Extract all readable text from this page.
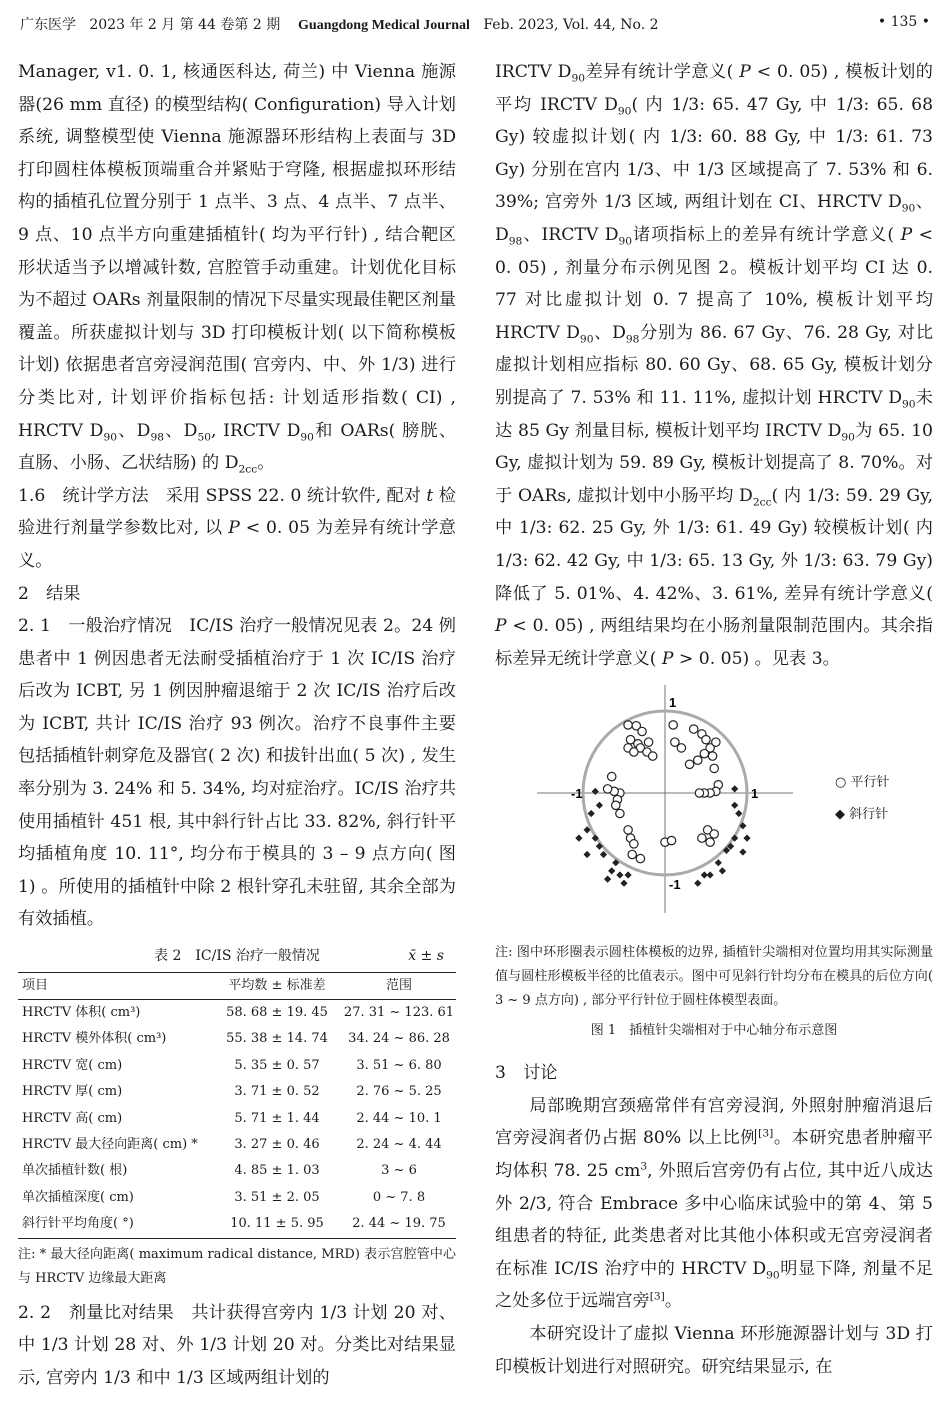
广东医学 2023 年 2 月 第 44 卷第 2 期 Guangdong Medical Journal Feb. 2023, Vol. 44, No. 2	• 135 •

Manager, v1. 0. 1, 核通医科达, 荷兰) 中 Vienna 施源器(26 mm 直径) 的模型结构( Configuration) 导入计划系统, 调整模型使 Vienna 施源器环形结构上表面与 3D 打印圆柱体模板顶端重合并紧贴于穹隆, 根据虚拟环形结构的插植孔位置分别于 1 点半、3 点、4 点半、7 点半、9 点、10 点半方向重建插植针( 均为平行针) , 结合靶区形状适当予以增减针数, 宫腔管手动重建。计划优化目标为不超过 OARs 剂量限制的情况下尽量实现最佳靶区剂量覆盖。所获虚拟计划与 3D 打印模板计划( 以下简称模板计划) 依据患者宫旁浸润范围( 宫旁内、中、外 1/3) 进行分类比对, 计划评价指标包括: 计划适形指数( CI) , HRCTV $D_{90}$、$D_{98}$、$D_{50}$, IRCTV $D_{90}$和 OARs( 膀胱、直肠、小肠、乙状结肠) 的 $D_{2cc}$。

1.6　统计学方法　采用 SPSS 22. 0 统计软件, 配对 t 检验进行剂量学参数比对, 以 P < 0. 05 为差异有统计学意义。

2　结果

2. 1　一般治疗情况　IC/IS 治疗一般情况见表 2。24 例患者中 1 例因患者无法耐受插植治疗于 1 次 IC/IS 治疗后改为 ICBT, 另 1 例因肿瘤退缩于 2 次 IC/IS 治疗后改为 ICBT, 共计 IC/IS 治疗 93 例次。治疗不良事件主要包括插植针刺穿危及器官( 2 次) 和拔针出血( 5 次) , 发生率分别为 3. 24% 和 5. 34%, 均对症治疗。IC/IS 治疗共使用插植针 451 根, 其中斜行针占比 33. 82%, 斜行针平均插植角度 10. 11°, 均分布于模具的 3 – 9 点方向( 图 1) 。所使用的插植针中除 2 根针穿孔未驻留, 其余全部为有效插植。

表 2　IC/IS 治疗一般情况	x̄ ± s
项目	平均数 ± 标准差	范围
HRCTV 体积( cm³)	58. 68 ± 19. 45	27. 31 ~ 123. 61
HRCTV 模外体积( cm³)	55. 38 ± 14. 74	34. 24 ~ 86. 28
HRCTV 宽( cm)	5. 35 ± 0. 57	3. 51 ~ 6. 80
HRCTV 厚( cm)	3. 71 ± 0. 52	2. 76 ~ 5. 25
HRCTV 高( cm)	5. 71 ± 1. 44	2. 44 ~ 10. 1
HRCTV 最大径向距离( cm) *	3. 27 ± 0. 46	2. 24 ~ 4. 44
单次插植针数( 根)	4. 85 ± 1. 03	3 ~ 6
单次插植深度( cm)	3. 51 ± 2. 05	0 ~ 7. 8
斜行针平均角度( °)	10. 11 ± 5. 95	2. 44 ~ 19. 75

注: * 最大径向距离( maximum radical distance, MRD) 表示宫腔管中心与 HRCTV 边缘最大距离

2. 2　剂量比对结果　共计获得宫旁内 1/3 计划 20 对、中 1/3 计划 28 对、外 1/3 计划 20 对。分类比对结果显示, 宫旁内 1/3 和中 1/3 区域两组计划的

IRCTV $D_{90}$差异有统计学意义( P < 0. 05) , 模板计划的平均 IRCTV $D_{90}$( 内 1/3: 65. 47 Gy, 中 1/3: 65. 68 Gy) 较虚拟计划( 内 1/3: 60. 88 Gy, 中 1/3: 61. 73 Gy) 分别在宫内 1/3、中 1/3 区域提高了 7. 53% 和 6. 39%; 宫旁外 1/3 区域, 两组计划在 CI、HRCTV $D_{90}$、$D_{98}$、IRCTV $D_{90}$诸项指标上的差异有统计学意义( P < 0. 05) , 剂量分布示例见图 2。模板计划平均 CI 达 0. 77 对比虚拟计划 0. 7 提高了 10%, 模板计划平均 HRCTV $D_{90}$、$D_{98}$分别为 86. 67 Gy、76. 28 Gy, 对比虚拟计划相应指标 80. 60 Gy、68. 65 Gy, 模板计划分别提高了 7. 53% 和 11. 11%, 虚拟计划 HRCTV $D_{90}$未达 85 Gy 剂量目标, 模板计划平均 IRCTV $D_{90}$为 65. 10 Gy, 虚拟计划为 59. 89 Gy, 模板计划提高了 8. 70%。对于 OARs, 虚拟计划中小肠平均 $D_{2cc}$( 内 1/3: 59. 29 Gy, 中 1/3: 62. 25 Gy, 外 1/3: 61. 49 Gy) 较模板计划( 内 1/3: 62. 42 Gy, 中 1/3: 65. 13 Gy, 外 1/3: 63. 79 Gy) 降低了 5. 01%、4. 42%、3. 61%, 差异有统计学意义( P < 0. 05) , 两组结果均在小肠剂量限制范围内。其余指标差异无统计学意义( P > 0. 05) 。见表 3。

1
-1
-1	1
○ 平行针
◆ 斜行针

注: 图中环形圈表示圆柱体模板的边界, 插植针尖端相对位置均用其实际测量值与圆柱形模板半径的比值表示。图中可见斜行针均分布在模具的后位方向( 3 ~ 9 点方向) , 部分平行针位于圆柱体模型表面。

图 1　插植针尖端相对于中心轴分布示意图

3　讨论

局部晚期宫颈癌常伴有宫旁浸润, 外照射肿瘤消退后宫旁浸润者仍占据 80% 以上比例[3]。本研究患者肿瘤平均体积 78. 25 $cm^3$, 外照后宫旁仍有占位, 其中近八成达外 2/3, 符合 Embrace 多中心临床试验中的第 4、第 5 组患者的特征, 此类患者对比其他小体积或无宫旁浸润者在标准 IC/IS 治疗中的 HRCTV $D_{90}$明显下降, 剂量不足之处多位于远端宫旁[3]。

本研究设计了虚拟 Vienna 环形施源器计划与 3D 打印模板计划进行对照研究。研究结果显示, 在
